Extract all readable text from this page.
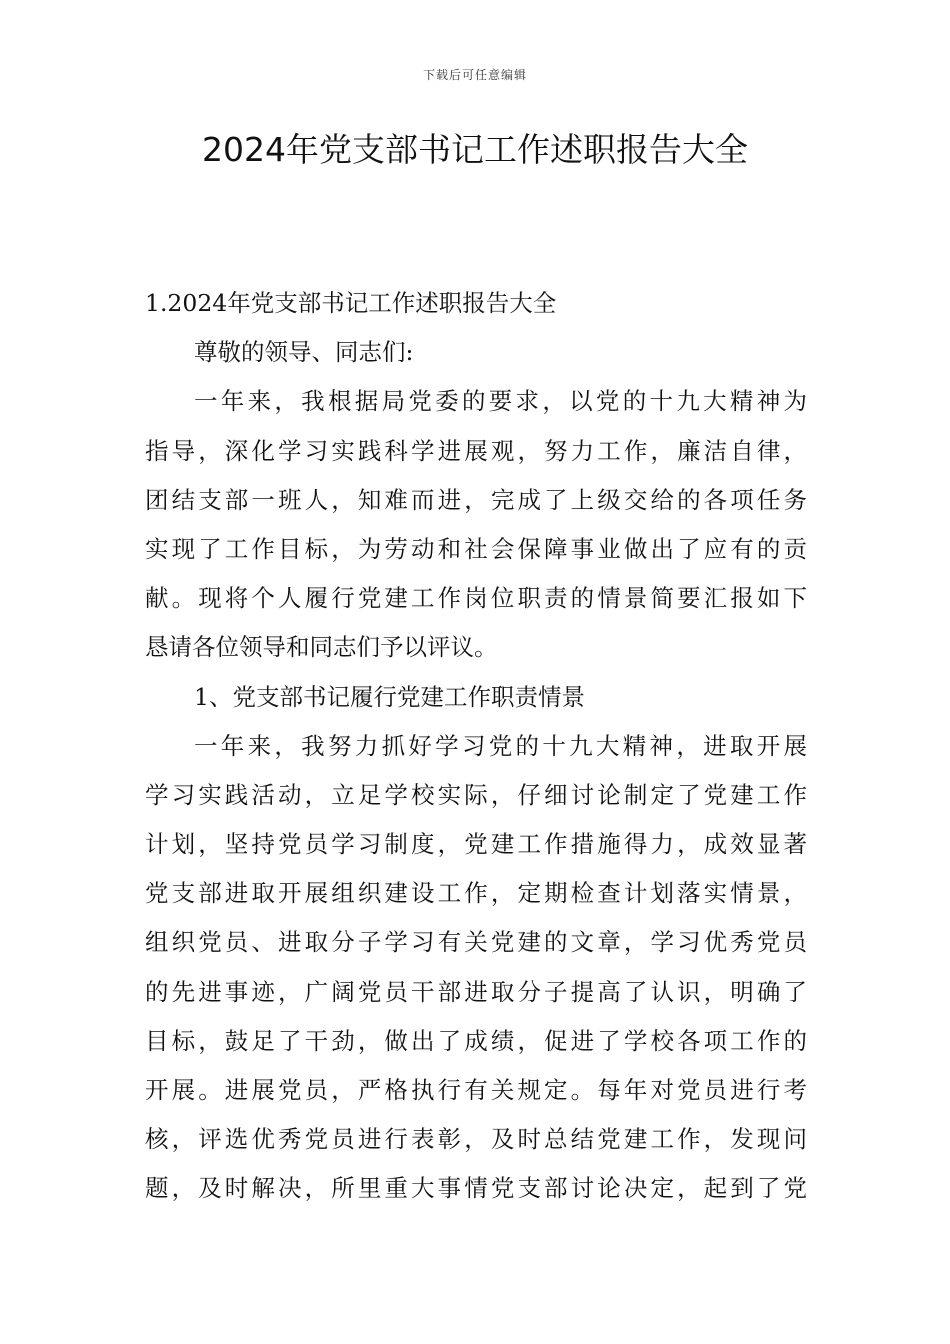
下载后可任意编辑
2024年党支部书记工作述职报告大全
1.2024年党支部书记工作述职报告大全
尊敬的领导、同志们:
一年来，我根据局党委的要求，以党的十九大精神为
指导，深化学习实践科学进展观，努力工作，廉洁自律，
团结支部一班人，知难而进，完成了上级交给的各项任务
实现了工作目标，为劳动和社会保障事业做出了应有的贡
献。现将个人履行党建工作岗位职责的情景简要汇报如下
恳请各位领导和同志们予以评议。
1、党支部书记履行党建工作职责情景
一年来，我努力抓好学习党的十九大精神，进取开展
学习实践活动，立足学校实际，仔细讨论制定了党建工作
计划，坚持党员学习制度，党建工作措施得力，成效显著
党支部进取开展组织建设工作，定期检查计划落实情景，
组织党员、进取分子学习有关党建的文章，学习优秀党员
的先进事迹，广阔党员干部进取分子提高了认识，明确了
目标，鼓足了干劲，做出了成绩，促进了学校各项工作的
开展。进展党员，严格执行有关规定。每年对党员进行考
核，评选优秀党员进行表彰，及时总结党建工作，发现问
题，及时解决，所里重大事情党支部讨论决定，起到了党
